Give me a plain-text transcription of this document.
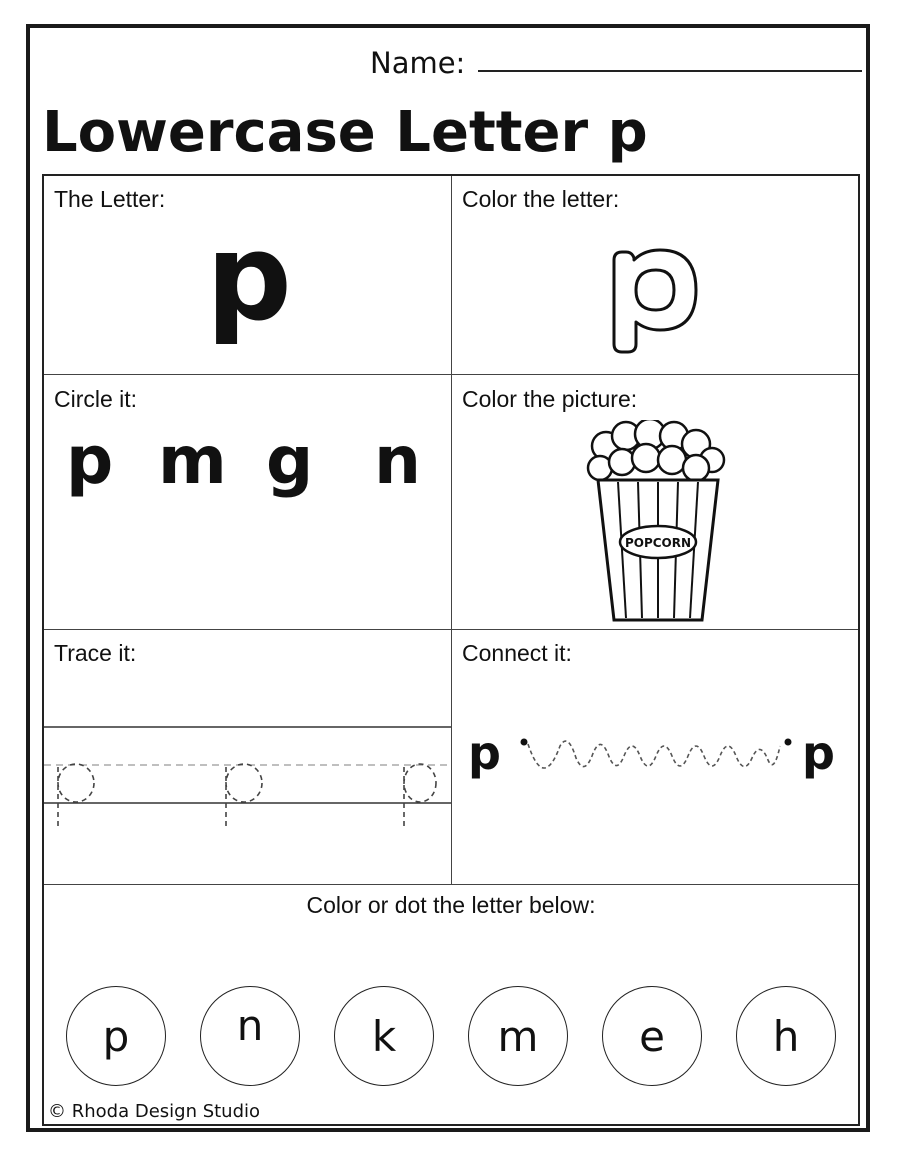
Name:
Lowercase Letter p
The Letter:
p
Color the letter:
Circle it:
p m g n
Color the picture:
POPCORN
Trace it:	Connect it:
p	p
Color or dot the letter below:
p	n	k m e	h
© Rhoda Design Studio
